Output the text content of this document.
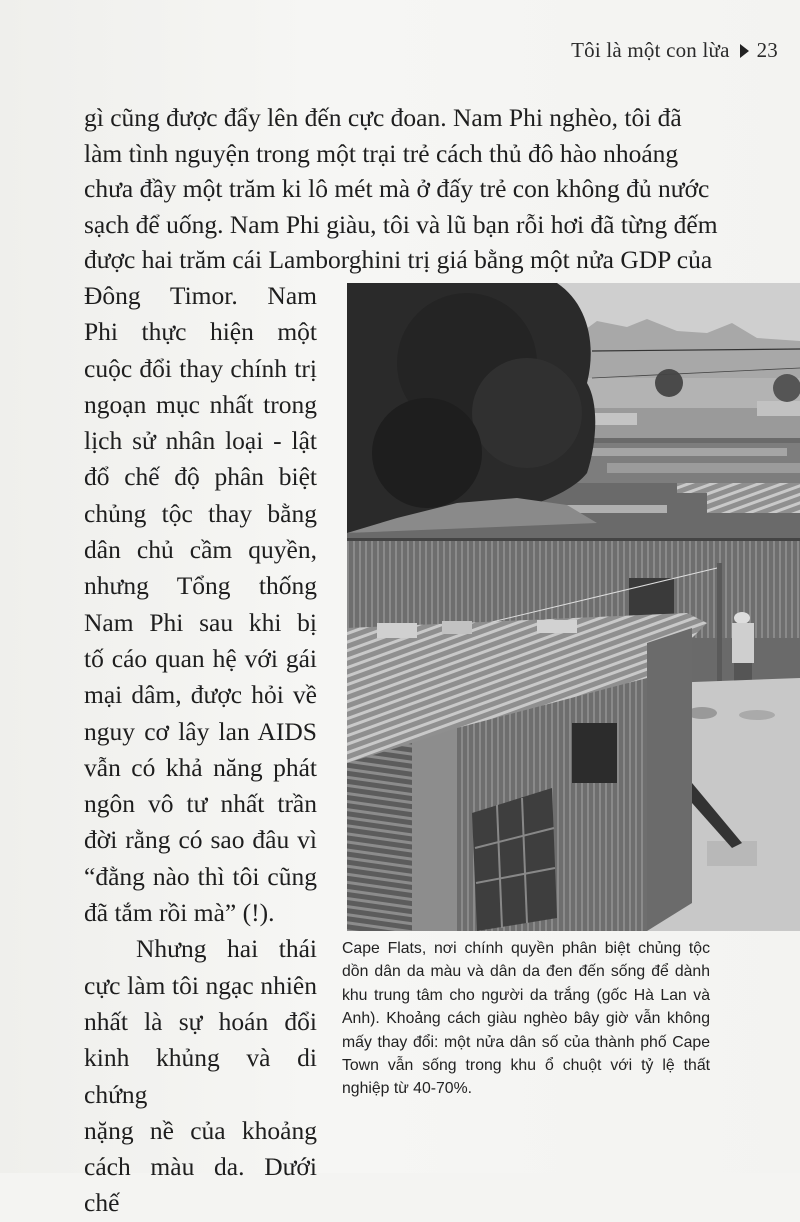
Tôi là một con lừa 23
gì cũng được đẩy lên đến cực đoan. Nam Phi nghèo, tôi đã
làm tình nguyện trong một trại trẻ cách thủ đô hào nhoáng
chưa đầy một trăm ki lô mét mà ở đấy trẻ con không đủ nước
sạch để uống. Nam Phi giàu, tôi và lũ bạn rỗi hơi đã từng đếm
được hai trăm cái Lamborghini trị giá bằng một nửa GDP của
Đông Timor. Nam
Phi thực hiện một
cuộc đổi thay chính trị
ngoạn mục nhất trong
lịch sử nhân loại - lật
đổ chế độ phân biệt
chủng tộc thay bằng
dân chủ cầm quyền,
nhưng Tổng thống
Nam Phi sau khi bị
tố cáo quan hệ với gái
mại dâm, được hỏi về
nguy cơ lây lan AIDS
vẫn có khả năng phát
ngôn vô tư nhất trần
đời rằng có sao đâu vì
“đằng nào thì tôi cũng
đã tắm rồi mà” (!).
Nhưng hai thái
cực làm tôi ngạc nhiên
nhất là sự hoán đổi
kinh khủng và di chứng
nặng nề của khoảng
cách màu da. Dưới chế
Cape Flats, nơi chính quyền phân biệt chủng tộc dồn dân da màu và dân da đen đến sống để dành khu trung tâm cho người da trắng (gốc Hà Lan và Anh). Khoảng cách giàu nghèo bây giờ vẫn không mấy thay đổi: một nửa dân số của thành phố Cape Town vẫn sống trong khu ổ chuột với tỷ lệ thất nghiệp từ 40-70%.
